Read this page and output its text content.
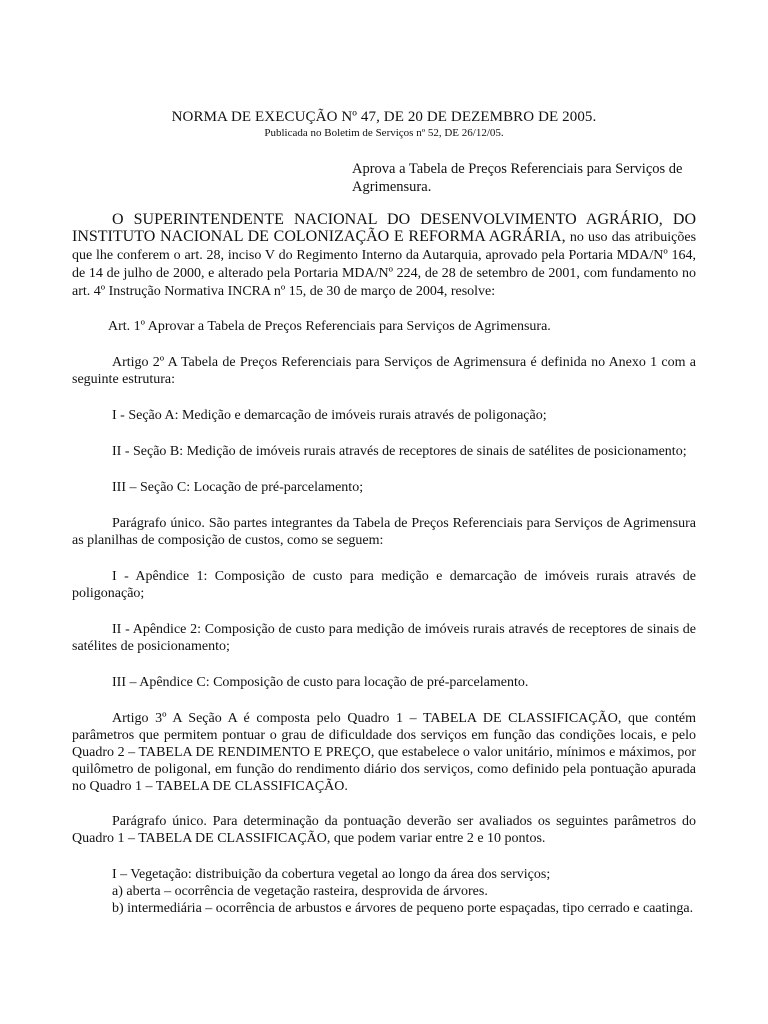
NORMA DE EXECUÇÃO Nº 47, DE 20 DE DEZEMBRO DE 2005.

Publicada no Boletim de Serviços nº 52, DE 26/12/05.

Aprova a Tabela de Preços Referenciais para Serviços de Agrimensura.

O SUPERINTENDENTE NACIONAL DO DESENVOLVIMENTO AGRÁRIO, DO INSTITUTO NACIONAL DE COLONIZAÇÃO E REFORMA AGRÁRIA, no uso das atribuições que lhe conferem o art. 28, inciso V do Regimento Interno da Autarquia, aprovado pela Portaria MDA/Nº 164, de 14 de julho de 2000, e alterado pela Portaria MDA/Nº 224, de 28 de setembro de 2001, com fundamento no art. 4º Instrução Normativa INCRA nº 15, de 30 de março de 2004, resolve:

Art. 1º Aprovar a Tabela de Preços Referenciais para Serviços de Agrimensura.

Artigo 2º A Tabela de Preços Referenciais para Serviços de Agrimensura é definida no Anexo 1 com a seguinte estrutura:

I - Seção A: Medição e demarcação de imóveis rurais através de poligonação;

II - Seção B: Medição de imóveis rurais através de receptores de sinais de satélites de posicionamento;

III – Seção C: Locação de pré-parcelamento;

Parágrafo único. São partes integrantes da Tabela de Preços Referenciais para Serviços de Agrimensura as planilhas de composição de custos, como se seguem:

I - Apêndice 1: Composição de custo para medição e demarcação de imóveis rurais através de poligonação;

II - Apêndice 2: Composição de custo para medição de imóveis rurais através de receptores de sinais de satélites de posicionamento;

III – Apêndice C: Composição de custo para locação de pré-parcelamento.

Artigo 3º A Seção A é composta pelo Quadro 1 – TABELA DE CLASSIFICAÇÃO, que contém parâmetros que permitem pontuar o grau de dificuldade dos serviços em função das condições locais, e pelo Quadro 2 – TABELA DE RENDIMENTO E PREÇO, que estabelece o valor unitário, mínimos e máximos, por quilômetro de poligonal, em função do rendimento diário dos serviços, como definido pela pontuação apurada no Quadro 1 – TABELA DE CLASSIFICAÇÃO.

Parágrafo único. Para determinação da pontuação deverão ser avaliados os seguintes parâmetros do Quadro 1 – TABELA DE CLASSIFICAÇÃO, que podem variar entre 2 e 10 pontos.

I – Vegetação: distribuição da cobertura vegetal ao longo da área dos serviços;

a) aberta – ocorrência de vegetação rasteira, desprovida de árvores.

b) intermediária – ocorrência de arbustos e árvores de pequeno porte espaçadas, tipo cerrado e caatinga.
